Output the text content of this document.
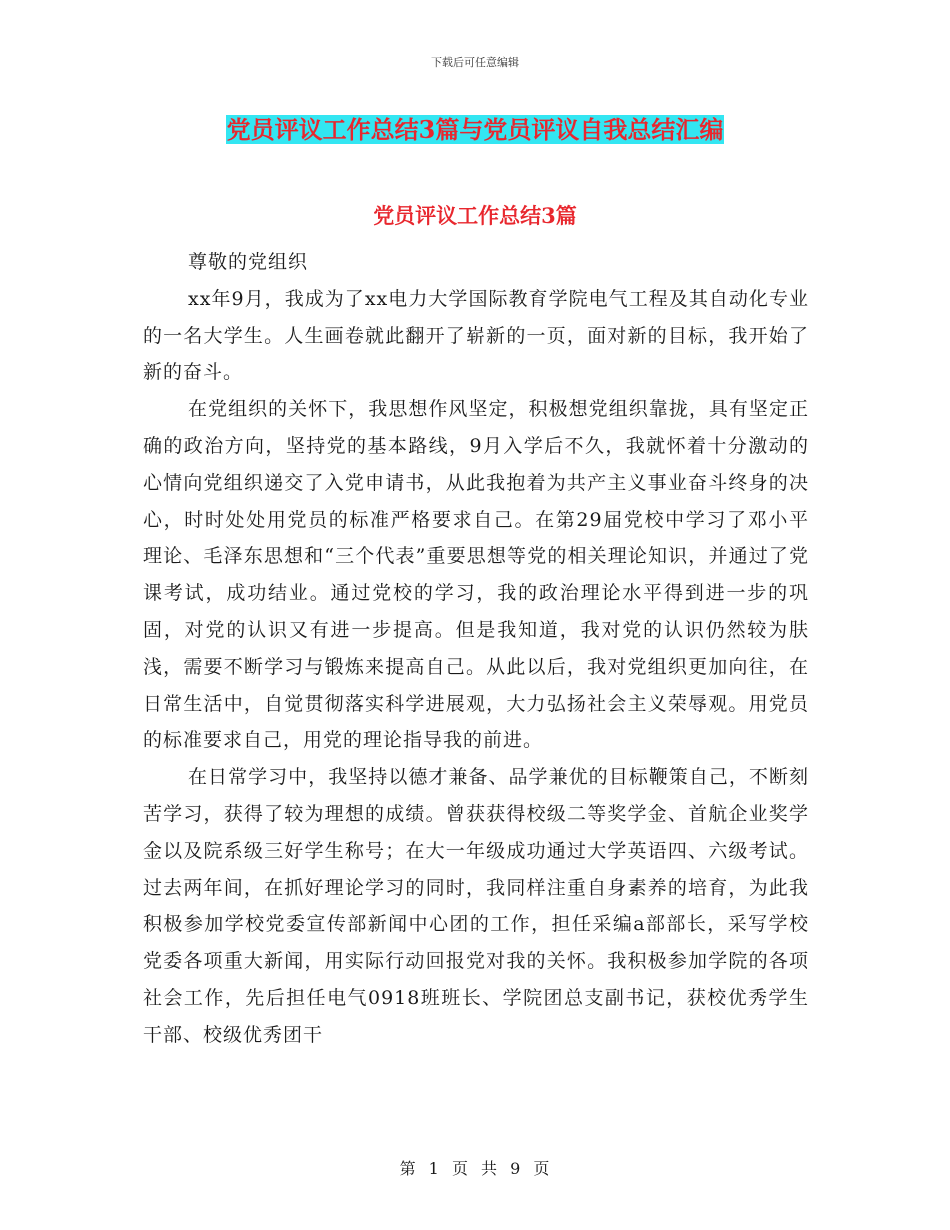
下载后可任意编辑
党员评议工作总结3篇与党员评议自我总结汇编
党员评议工作总结3篇

尊敬的党组织

xx年9月，我成为了xx电力大学国际教育学院电气工程及其自动化专业的一名大学生。人生画卷就此翻开了崭新的一页，面对新的目标，我开始了新的奋斗。

在党组织的关怀下，我思想作风坚定，积极想党组织靠拢，具有坚定正确的政治方向，坚持党的基本路线，9月入学后不久，我就怀着十分激动的心情向党组织递交了入党申请书，从此我抱着为共产主义事业奋斗终身的决心，时时处处用党员的标准严格要求自己。在第29届党校中学习了邓小平理论、毛泽东思想和“三个代表”重要思想等党的相关理论知识，并通过了党课考试，成功结业。通过党校的学习，我的政治理论水平得到进一步的巩固，对党的认识又有进一步提高。但是我知道，我对党的认识仍然较为肤浅，需要不断学习与锻炼来提高自己。从此以后，我对党组织更加向往，在日常生活中，自觉贯彻落实科学进展观，大力弘扬社会主义荣辱观。用党员的标准要求自己，用党的理论指导我的前进。

在日常学习中，我坚持以德才兼备、品学兼优的目标鞭策自己，不断刻苦学习，获得了较为理想的成绩。曾获获得校级二等奖学金、首航企业奖学金以及院系级三好学生称号；在大一年级成功通过大学英语四、六级考试。过去两年间，在抓好理论学习的同时，我同样注重自身素养的培育，为此我积极参加学校党委宣传部新闻中心团的工作，担任采编a部部长，采写学校党委各项重大新闻，用实际行动回报党对我的关怀。我积极参加学院的各项社会工作，先后担任电气0918班班长、学院团总支副书记，获校优秀学生干部、校级优秀团干

第 1 页 共 9 页
